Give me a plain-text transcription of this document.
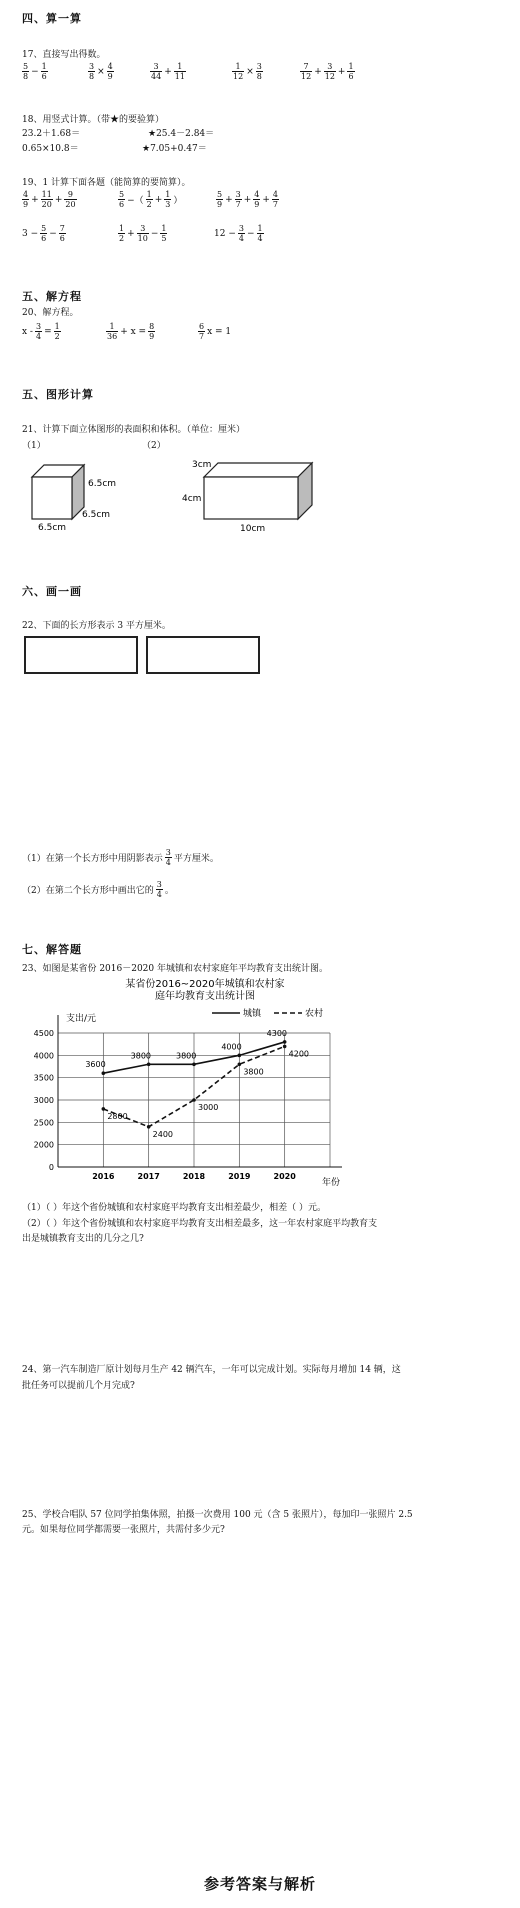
四、算一算
17、直接写出得数。
$\frac{5}{8} - \frac{1}{6}$	$\frac{3}{8} \times \frac{4}{9}$	$\frac{3}{44} + \frac{1}{11}$	$\frac{1}{12} \times \frac{3}{8}$	$\frac{7}{12} + \frac{3}{12} + \frac{1}{6}$
18、用竖式计算。（带★的要验算）
23.2＋1.68＝	★25.4－2.84＝
0.65×10.8＝	★7.05+0.47＝
19、1 计算下面各题（能简算的要简算）。
$\frac{4}{9} + \frac{11}{20} + \frac{9}{20}$	$\frac{5}{6}$ −（ $\frac{1}{2} + \frac{1}{3}$ ）	$\frac{5}{9} + \frac{3}{7} + \frac{4}{9} + \frac{4}{7}$
$3 - \frac{5}{6} - \frac{7}{6}$	$\frac{1}{2} + \frac{3}{10} - \frac{1}{5}$	$12 - \frac{3}{4} - \frac{1}{4}$
五、解方程
20、解方程。
$x - \frac{3}{4} = \frac{1}{2}$	$\frac{1}{36} + x = \frac{8}{9}$	$\frac{6}{7}$ x = 1
五、图形计算
21、计算下面立体图形的表面积和体积。（单位：厘米）
（1）	（2）
6.5cm
6.5cm
6.5cm
3cm
4cm
10cm
六、画一画
22、下面的长方形表示 3 平方厘米。
（1）在第一个长方形中用阴影表示 $\frac{3}{4}$ 平方厘米。
（2）在第二个长方形中画出它的 $\frac{3}{4}$ 。
七、解答题
23、如图是某省份 2016－2020 年城镇和农村家庭年平均教育支出统计图。
某省份2016~2020年城镇和农村家
庭年均教育支出统计图
支出/元
年份
城镇	农村
0
2000
2500
3000
3500
4000
4500
2016	2017	2018	2019	2020
3600
3800	3800
4000
4300
2800
2400
3000
3800
4200
（1）（ ）年这个省份城镇和农村家庭平均教育支出相差最少，相差（ ）元。
（2）（ ）年这个省份城镇和农村家庭平均教育支出相差最多，这一年农村家庭平均教育支
出是城镇教育支出的几分之几?
24、第一汽车制造厂原计划每月生产 42 辆汽车，一年可以完成计划。实际每月增加 14 辆，这
批任务可以提前几个月完成?
25、学校合唱队 57 位同学拍集体照，拍摄一次费用 100 元（含 5 张照片），每加印一张照片 2.5
元。如果每位同学都需要一张照片，共需付多少元?
参考答案与解析
